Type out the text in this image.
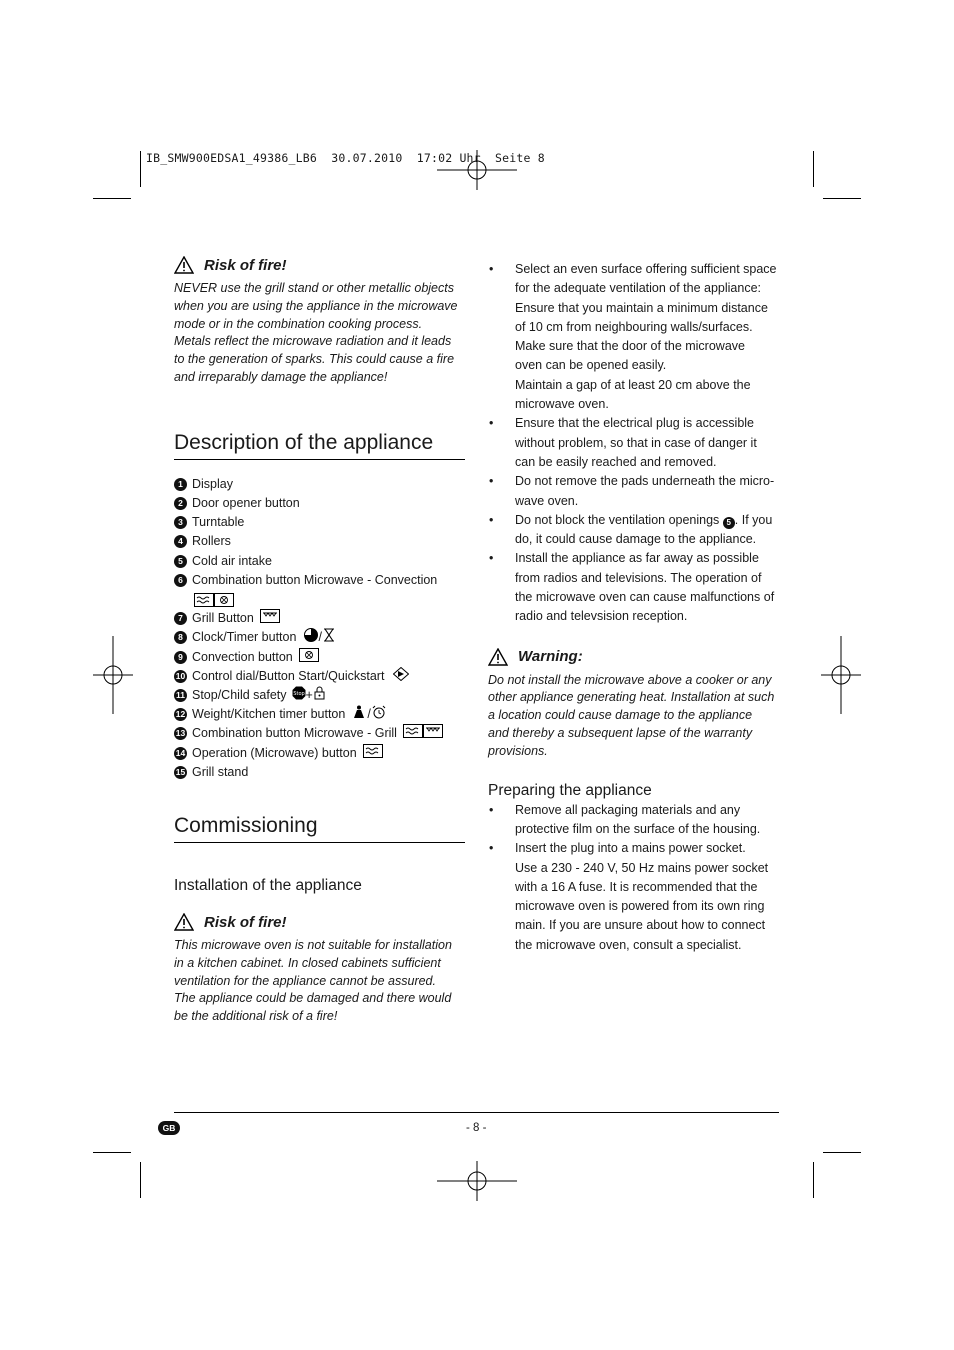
IB_SMW900EDSA1_49386_LB6  30.07.2010  17:02 Uhr  Seite 8
Risk of fire!
NEVER use the grill stand or other metallic objects
when you are using the appliance in the microwave
mode or in the combination cooking process.
Metals reflect the microwave radiation and it leads
to the generation of sparks. This could cause a fire
and irreparably damage the appliance!
Description of the appliance
1 Display
2 Door opener button
3 Turntable
4 Rollers
5 Cold air intake
6 Combination button Microwave - Convection

7 Grill Button
8 Clock/Timer button /
9 Convection button
10 Control dial/Button Start/Quickstart
11 Stop/Child safety Stop +
12 Weight/Kitchen timer button /
13 Combination button Microwave - Grill
14 Operation (Microwave) button
15 Grill stand
Commissioning
Installation of the appliance
Risk of fire!
This microwave oven is not suitable for installation
in a kitchen cabinet. In closed cabinets sufficient
ventilation for the appliance cannot be assured.
The appliance could be damaged and there would
be the additional risk of a fire!
• Select an even surface offering sufficient space
for the adequate ventilation of the appliance:
Ensure that you maintain a minimum distance
of 10 cm from neighbouring walls/surfaces.
Make sure that the door of the microwave
oven can be opened easily.
Maintain a gap of at least 20 cm above the
microwave oven.
• Ensure that the electrical plug is accessible
without problem, so that in case of danger it
can be easily reached and removed.
• Do not remove the pads underneath the micro-
wave oven.
• Do not block the ventilation openings 5 . If you
do, it could cause damage to the appliance.
• Install the appliance as far away as possible
from radios and televisions. The operation of
the microwave oven can cause malfunctions of
radio and televsision reception.
Warning:
Do not install the microwave above a cooker or any
other appliance generating heat. Installation at such
a location could cause damage to the appliance
and thereby a subsequent lapse of the warranty
provisions.
Preparing the appliance
• Remove all packaging materials and any
protective film on the surface of the housing.
• Insert the plug into a mains power socket.
Use a 230 - 240 V, 50 Hz mains power socket
with a 16 A fuse. It is recommended that the
microwave oven is powered from its own ring
main. If you are unsure about how to connect
the microwave oven, consult a specialist.
GB	- 8 -
